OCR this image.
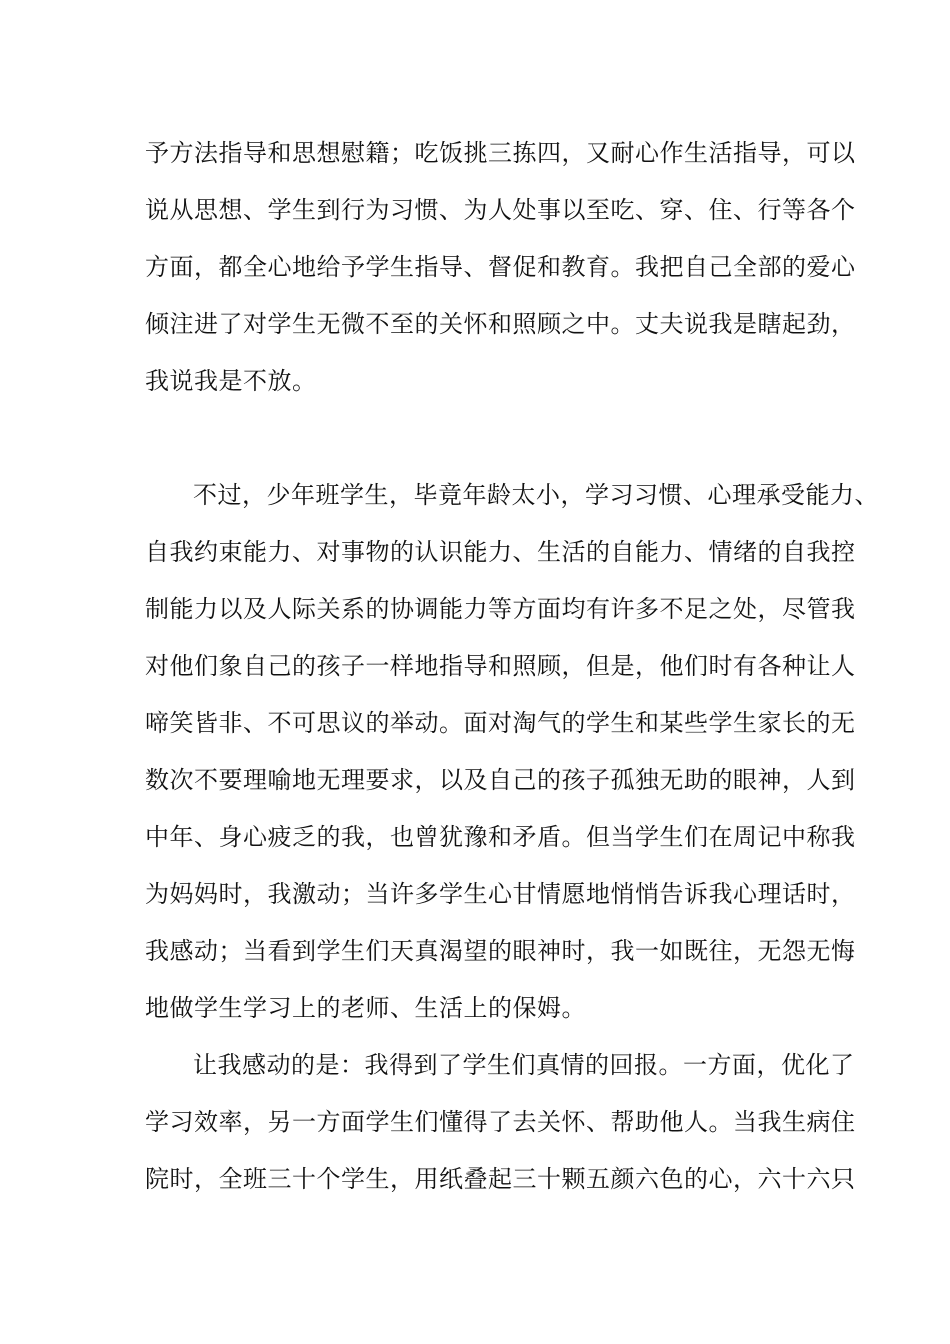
予方法指导和思想慰籍；吃饭挑三拣四，又耐心作生活指导，可以
说从思想、学生到行为习惯、为人处事以至吃、穿、住、行等各个
方面，都全心地给予学生指导、督促和教育。我把自己全部的爱心
倾注进了对学生无微不至的关怀和照顾之中。丈夫说我是瞎起劲，
我说我是不放。
不过，少年班学生，毕竟年龄太小，学习习惯、心理承受能力、
自我约束能力、对事物的认识能力、生活的自能力、情绪的自我控
制能力以及人际关系的协调能力等方面均有许多不足之处，尽管我
对他们象自己的孩子一样地指导和照顾，但是，他们时有各种让人
啼笑皆非、不可思议的举动。面对淘气的学生和某些学生家长的无
数次不要理喻地无理要求，以及自己的孩子孤独无助的眼神，人到
中年、身心疲乏的我，也曾犹豫和矛盾。但当学生们在周记中称我
为妈妈时，我激动；当许多学生心甘情愿地悄悄告诉我心理话时，
我感动；当看到学生们天真渴望的眼神时，我一如既往，无怨无悔
地做学生学习上的老师、生活上的保姆。
让我感动的是：我得到了学生们真情的回报。一方面，优化了
学习效率，另一方面学生们懂得了去关怀、帮助他人。当我生病住
院时，全班三十个学生，用纸叠起三十颗五颜六色的心，六十六只
